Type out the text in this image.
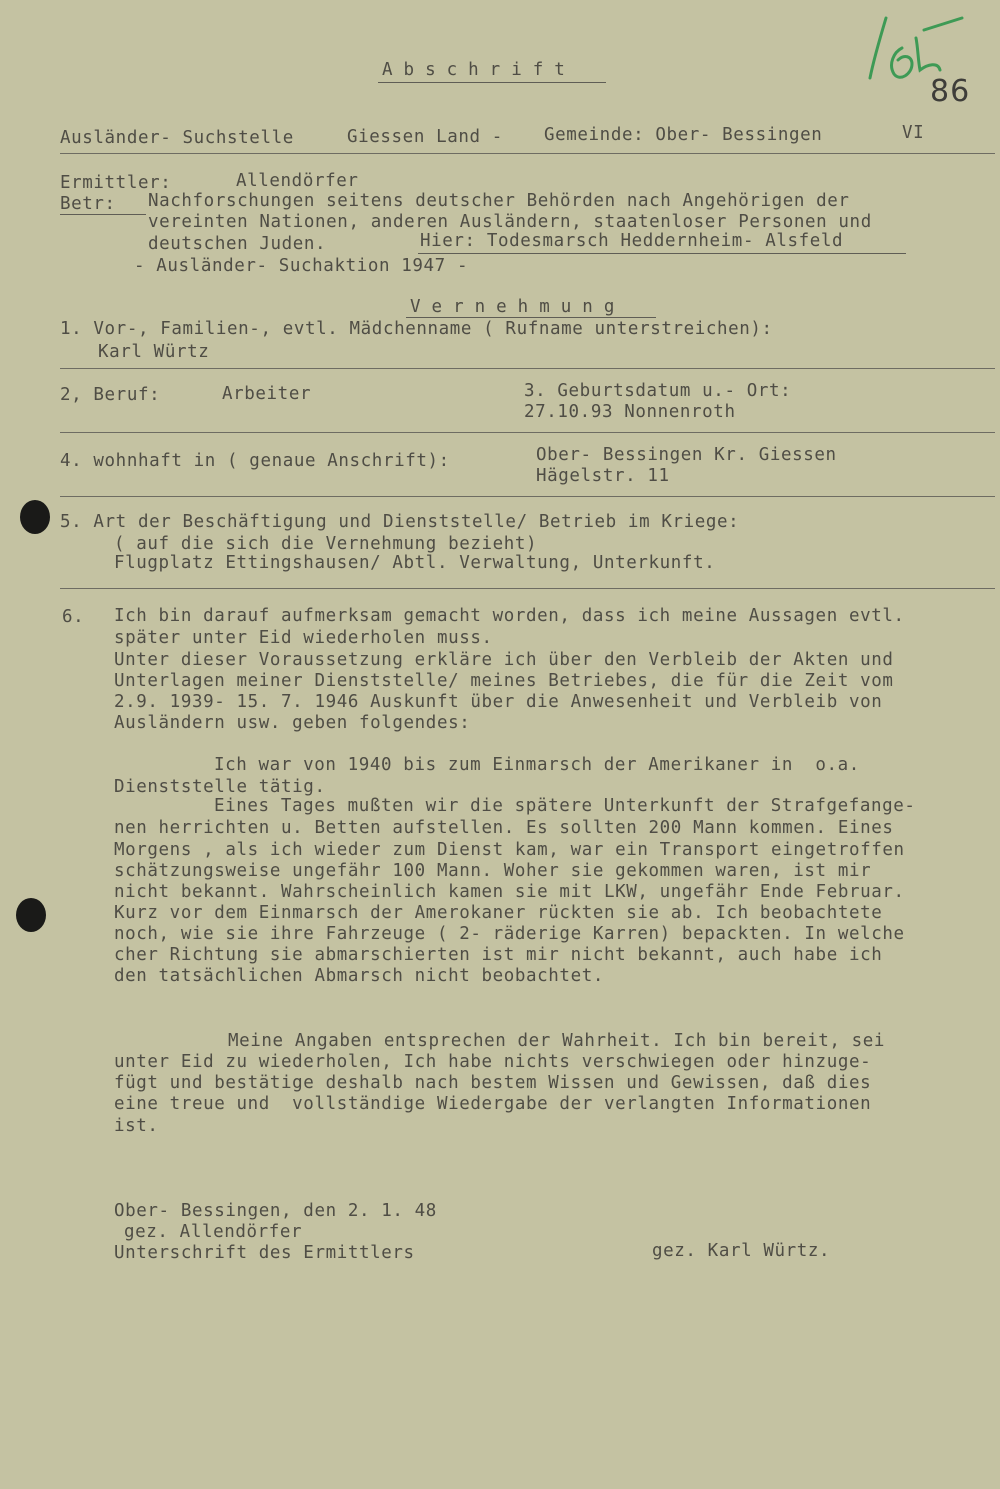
86
Abschrift
Ausländer- Suchstelle	Giessen Land - Gemeinde: Ober- Bessingen	VI
Ermittler:	Allendörfer
Betr: Nachforschungen seitens deutscher Behörden nach Angehörigen der
vereinten Nationen, anderen Ausländern, staatenloser Personen und
deutschen Juden.	Hier: Todesmarsch Heddernheim- Alsfeld
- Ausländer- Suchaktion 1947 -
Vernehmung
1. Vor-, Familien-, evtl. Mädchenname ( Rufname unterstreichen):
Karl Würtz
2, Beruf:	Arbeiter	3. Geburtsdatum u.- Ort:
27.10.93 Nonnenroth
4. wohnhaft in ( genaue Anschrift):	Ober- Bessingen Kr. Giessen
Hägelstr. 11
5. Art der Beschäftigung und Dienststelle/ Betrieb im Kriege:
( auf die sich die Vernehmung bezieht)
Flugplatz Ettingshausen/ Abtl. Verwaltung, Unterkunft.
6. Ich bin darauf aufmerksam gemacht worden, dass ich meine Aussagen evtl.
später unter Eid wiederholen muss.
Unter dieser Voraussetzung erkläre ich über den Verbleib der Akten und
Unterlagen meiner Dienststelle/ meines Betriebes, die für die Zeit vom
2.9. 1939- 15. 7. 1946 Auskunft über die Anwesenheit und Verbleib von
Ausländern usw. geben folgendes:
Ich war von 1940 bis zum Einmarsch der Amerikaner in  o.a.
Dienststelle tätig.
Eines Tages mußten wir die spätere Unterkunft der Strafgefange-
nen herrichten u. Betten aufstellen. Es sollten 200 Mann kommen. Eines
Morgens , als ich wieder zum Dienst kam, war ein Transport eingetroffen
schätzungsweise ungefähr 100 Mann. Woher sie gekommen waren, ist mir
nicht bekannt. Wahrscheinlich kamen sie mit LKW, ungefähr Ende Februar.
Kurz vor dem Einmarsch der Amerokaner rückten sie ab. Ich beobachtete
noch, wie sie ihre Fahrzeuge ( 2- räderige Karren) bepackten. In welche
cher Richtung sie abmarschierten ist mir nicht bekannt, auch habe ich
den tatsächlichen Abmarsch nicht beobachtet.
Meine Angaben entsprechen der Wahrheit. Ich bin bereit, sei
unter Eid zu wiederholen, Ich habe nichts verschwiegen oder hinzuge-
fügt und bestätige deshalb nach bestem Wissen und Gewissen, daß dies
eine treue und  vollständige Wiedergabe der verlangten Informationen
ist.
Ober- Bessingen, den 2. 1. 48
gez. Allendörfer
Unterschrift des Ermittlers	gez. Karl Würtz.
